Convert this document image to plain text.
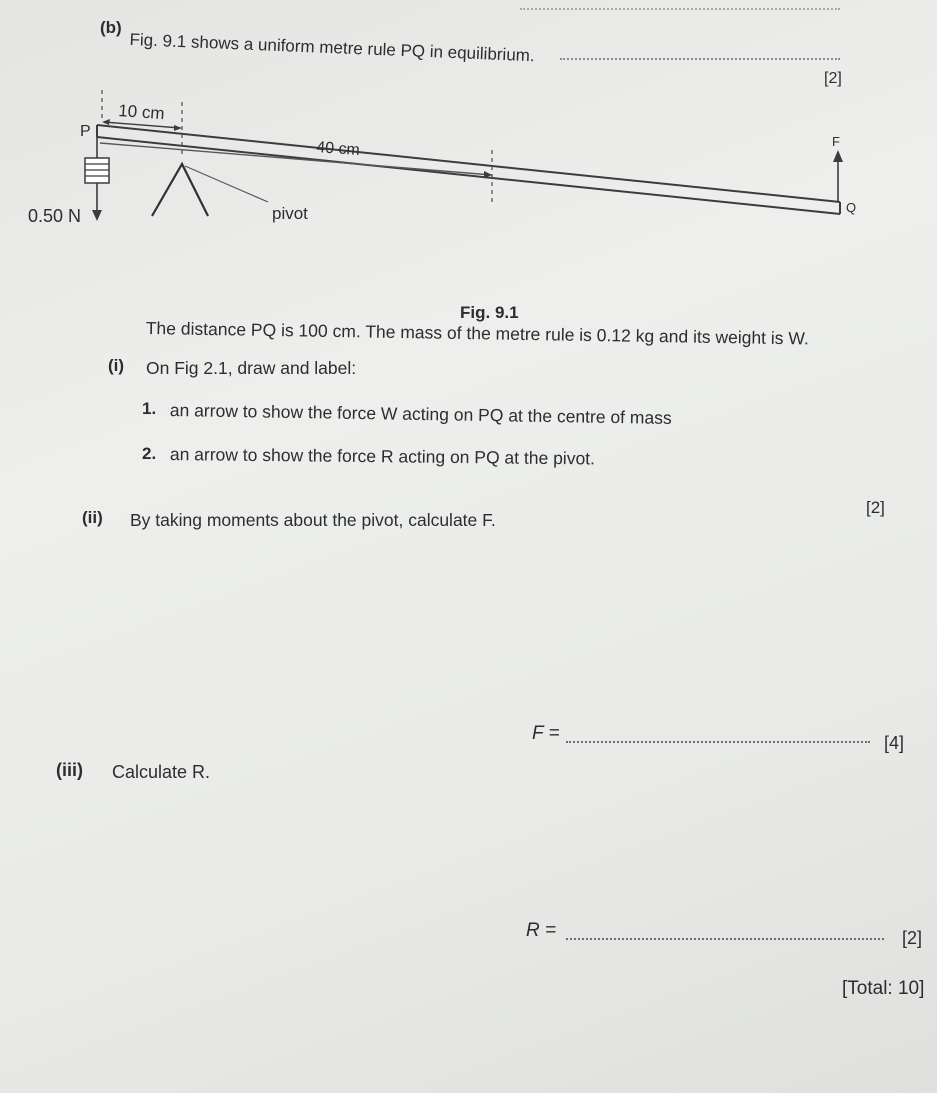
(b)
Fig. 9.1 shows a uniform metre rule PQ in equilibrium.
[2]
10 cm
40 cm
P
F
Q
pivot
0.50 N
Fig. 9.1
The distance PQ is 100 cm. The mass of the metre rule is 0.12 kg and its weight is W.
(i) On Fig 2.1, draw and label:
1. an arrow to show the force W acting on PQ at the centre of mass
2. an arrow to show the force R acting on PQ at the pivot.
[2]
(ii) By taking moments about the pivot, calculate F.
F =	[4]
(iii) Calculate R.
R =	[2]
[Total: 10]
